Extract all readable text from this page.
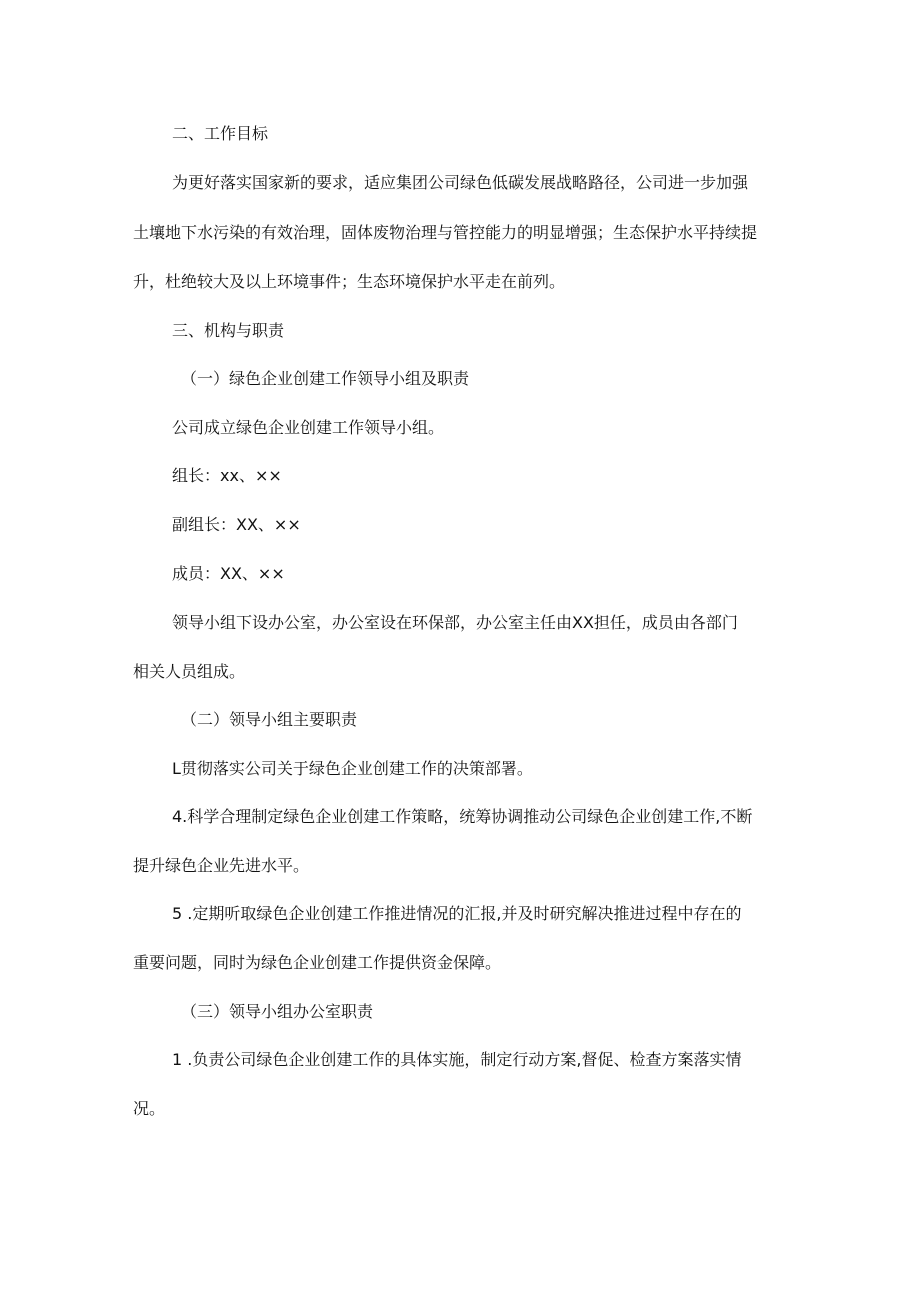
二、工作目标
为更好落实国家新的要求，适应集团公司绿色低碳发展战略路径，公司进一步加强
土壤地下水污染的有效治理，固体废物治理与管控能力的明显增强；生态保护水平持续提
升，杜绝较大及以上环境事件；生态环境保护水平走在前列。
三、机构与职责
（一）绿色企业创建工作领导小组及职责
公司成立绿色企业创建工作领导小组。
组长：xx、××
副组长：XX、××
成员：XX、××
领导小组下设办公室，办公室设在环保部，办公室主任由XX担任，成员由各部门
相关人员组成。
（二）领导小组主要职责
L贯彻落实公司关于绿色企业创建工作的决策部署。
4.科学合理制定绿色企业创建工作策略，统筹协调推动公司绿色企业创建工作,不断
提升绿色企业先进水平。
5 .定期听取绿色企业创建工作推进情况的汇报,并及时研究解决推进过程中存在的
重要问题，同时为绿色企业创建工作提供资金保障。
（三）领导小组办公室职责
1 .负责公司绿色企业创建工作的具体实施，制定行动方案,督促、检查方案落实情
况。
